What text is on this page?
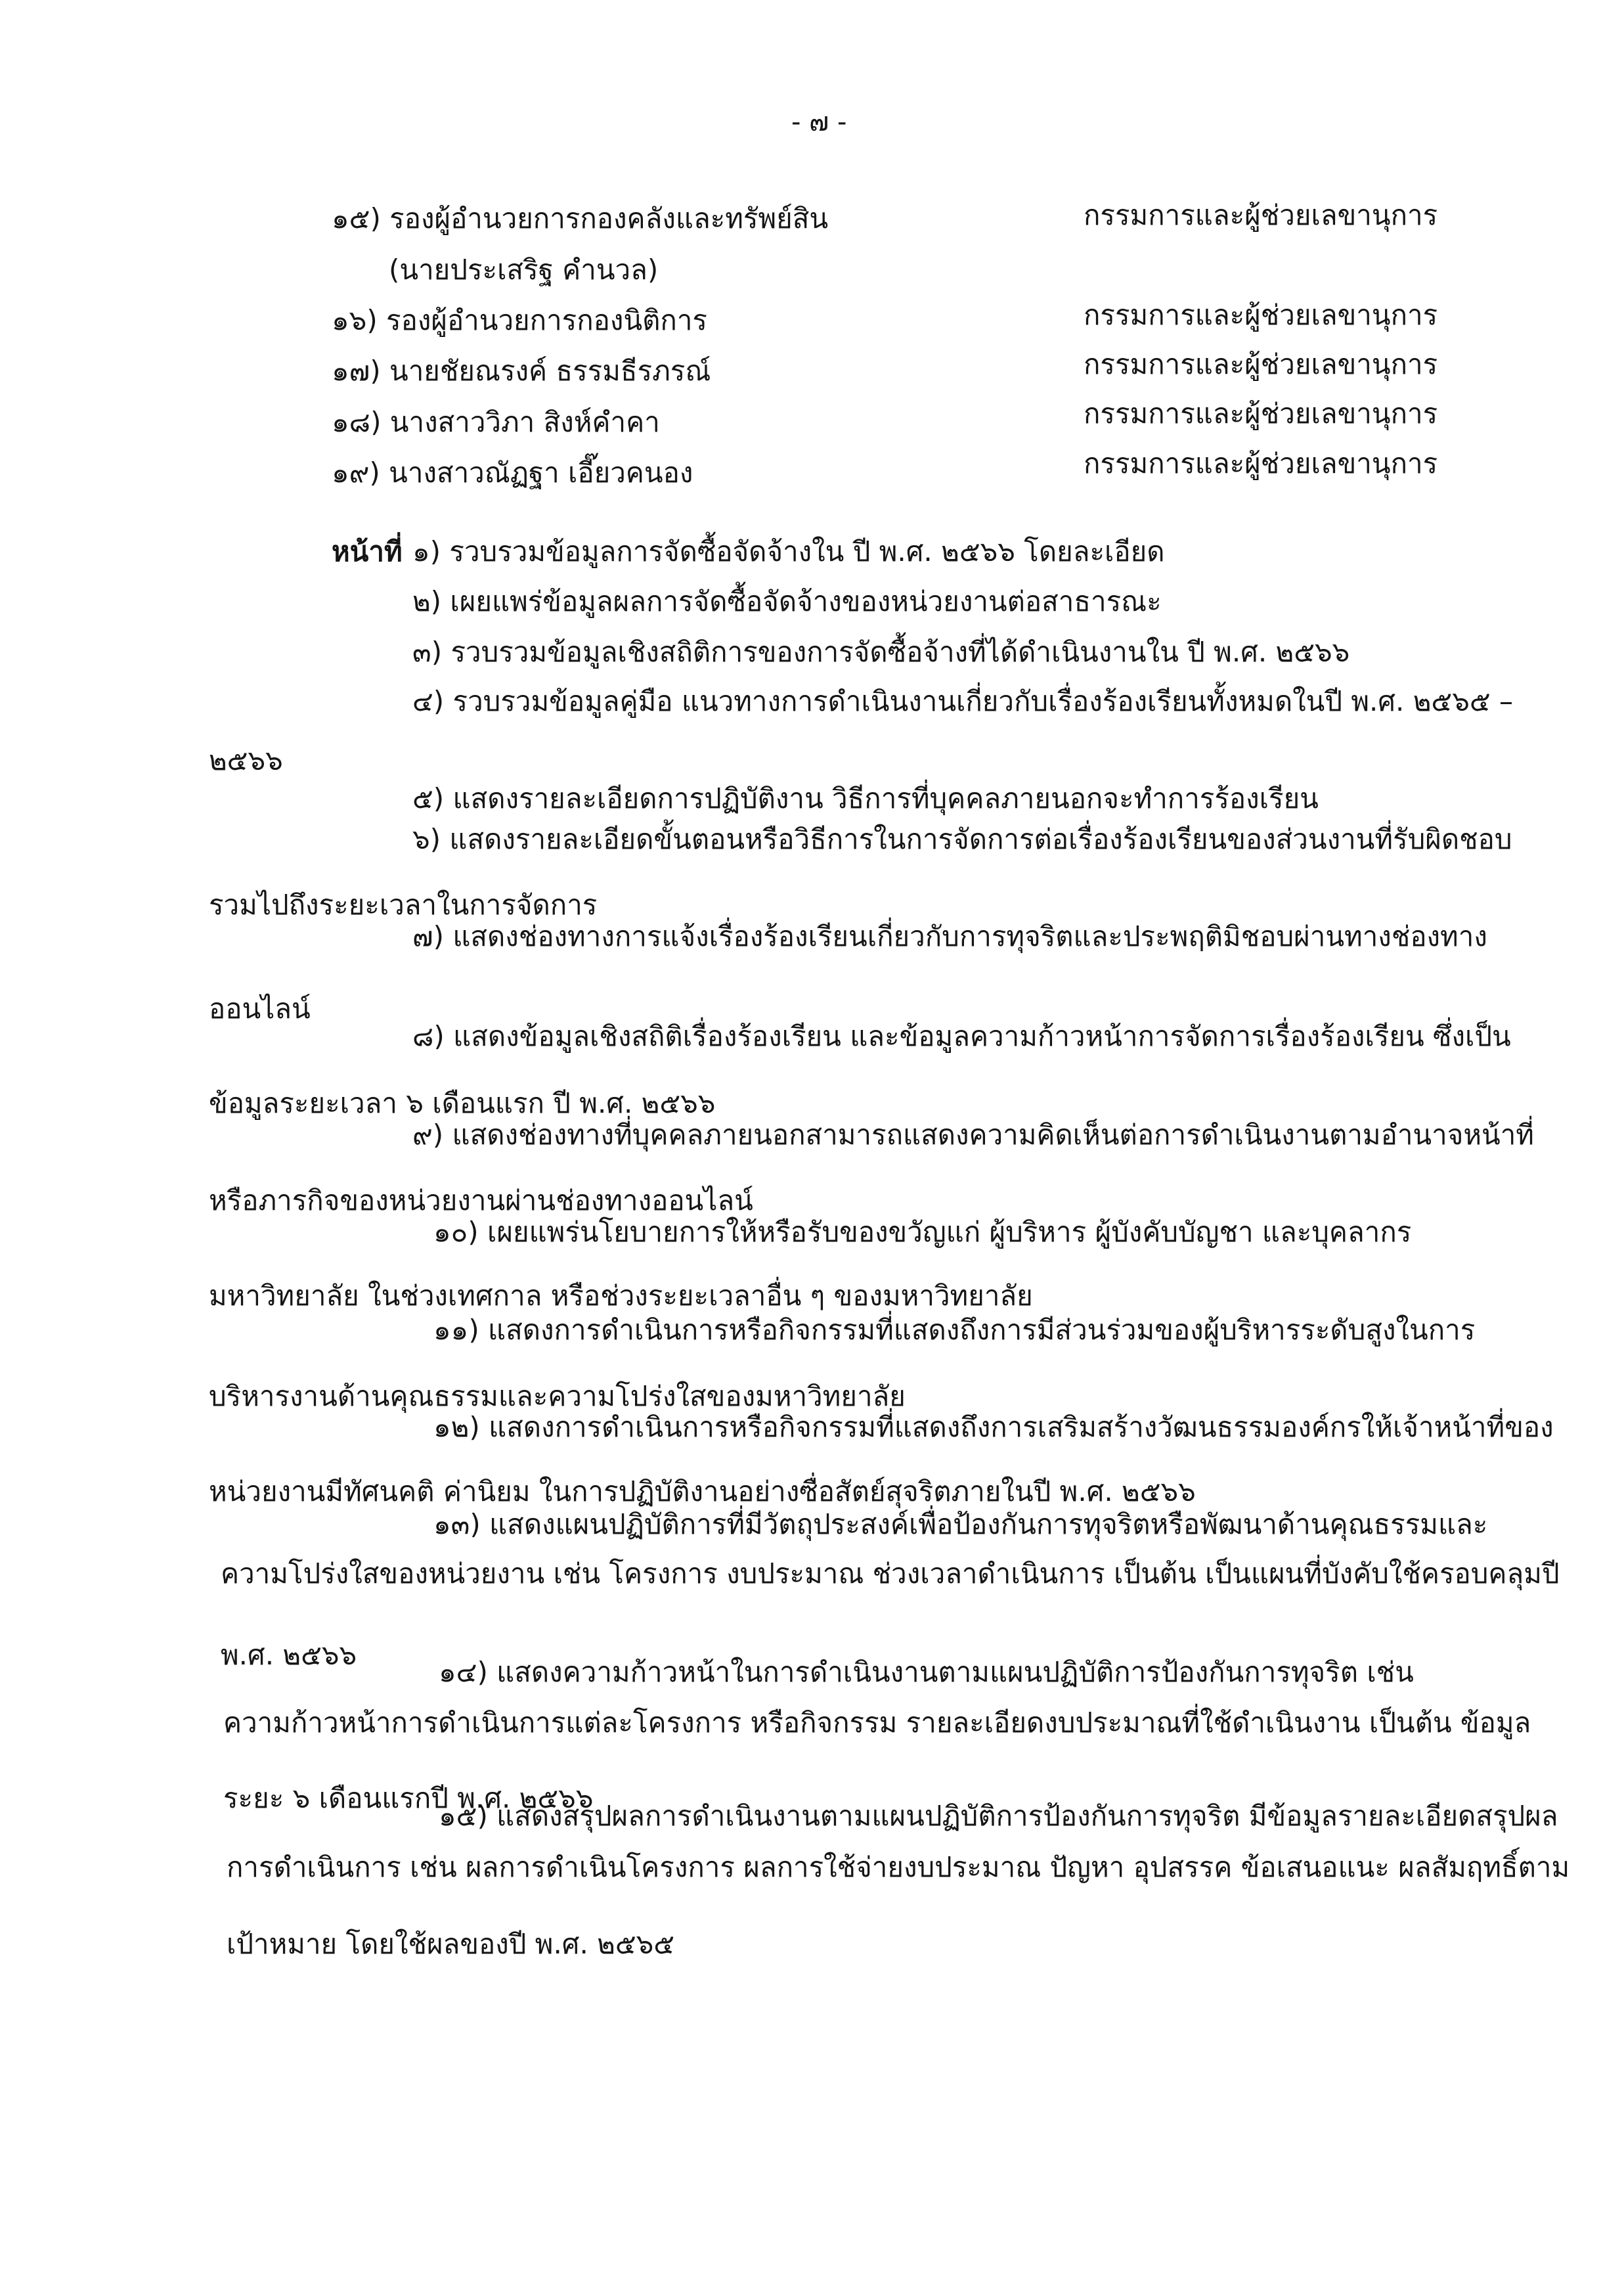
- ๗ -
๑๕) รองผู้อำนวยการกองคลังและทรัพย์สิน	กรรมการและผู้ช่วยเลขานุการ
(นายประเสริฐ คำนวล)
๑๖) รองผู้อำนวยการกองนิติการ	กรรมการและผู้ช่วยเลขานุการ
๑๗) นายชัยณรงค์ ธรรมธีรภรณ์	กรรมการและผู้ช่วยเลขานุการ
๑๘) นางสาววิภา สิงห์คำคา	กรรมการและผู้ช่วยเลขานุการ
๑๙) นางสาวณัฏฐา เอี๊ยวคนอง	กรรมการและผู้ช่วยเลขานุการ
หน้าที่ ๑) รวบรวมข้อมูลการจัดซื้อจัดจ้างใน ปี พ.ศ. ๒๕๖๖ โดยละเอียด
๒) เผยแพร่ข้อมูลผลการจัดซื้อจัดจ้างของหน่วยงานต่อสาธารณะ
๓) รวบรวมข้อมูลเชิงสถิติการของการจัดซื้อจ้างที่ได้ดำเนินงานใน ปี พ.ศ. ๒๕๖๖
๔) รวบรวมข้อมูลคู่มือ แนวทางการดำเนินงานเกี่ยวกับเรื่องร้องเรียนทั้งหมดในปี พ.ศ. ๒๕๖๕ –
๒๕๖๖
๕) แสดงรายละเอียดการปฏิบัติงาน วิธีการที่บุคคลภายนอกจะทำการร้องเรียน
๖) แสดงรายละเอียดขั้นตอนหรือวิธีการในการจัดการต่อเรื่องร้องเรียนของส่วนงานที่รับผิดชอบ
รวมไปถึงระยะเวลาในการจัดการ
๗) แสดงช่องทางการแจ้งเรื่องร้องเรียนเกี่ยวกับการทุจริตและประพฤติมิชอบผ่านทางช่องทาง
ออนไลน์
๘) แสดงข้อมูลเชิงสถิติเรื่องร้องเรียน และข้อมูลความก้าวหน้าการจัดการเรื่องร้องเรียน ซึ่งเป็น
ข้อมูลระยะเวลา ๖ เดือนแรก ปี พ.ศ. ๒๕๖๖
๙) แสดงช่องทางที่บุคคลภายนอกสามารถแสดงความคิดเห็นต่อการดำเนินงานตามอำนาจหน้าที่
หรือภารกิจของหน่วยงานผ่านช่องทางออนไลน์
๑๐) เผยแพร่นโยบายการให้หรือรับของขวัญแก่ ผู้บริหาร ผู้บังคับบัญชา และบุคลากร
มหาวิทยาลัย ในช่วงเทศกาล หรือช่วงระยะเวลาอื่น ๆ ของมหาวิทยาลัย
๑๑) แสดงการดำเนินการหรือกิจกรรมที่แสดงถึงการมีส่วนร่วมของผู้บริหารระดับสูงในการ
บริหารงานด้านคุณธรรมและความโปร่งใสของมหาวิทยาลัย
๑๒) แสดงการดำเนินการหรือกิจกรรมที่แสดงถึงการเสริมสร้างวัฒนธรรมองค์กรให้เจ้าหน้าที่ของ
หน่วยงานมีทัศนคติ ค่านิยม ในการปฏิบัติงานอย่างซื่อสัตย์สุจริตภายในปี พ.ศ. ๒๕๖๖
๑๓) แสดงแผนปฏิบัติการที่มีวัตถุประสงค์เพื่อป้องกันการทุจริตหรือพัฒนาด้านคุณธรรมและ
ความโปร่งใสของหน่วยงาน เช่น โครงการ งบประมาณ ช่วงเวลาดำเนินการ เป็นต้น เป็นแผนที่บังคับใช้ครอบคลุมปี
พ.ศ. ๒๕๖๖
๑๔) แสดงความก้าวหน้าในการดำเนินงานตามแผนปฏิบัติการป้องกันการทุจริต เช่น
ความก้าวหน้าการดำเนินการแต่ละโครงการ หรือกิจกรรม รายละเอียดงบประมาณที่ใช้ดำเนินงาน เป็นต้น ข้อมูล
ระยะ ๖ เดือนแรกปี พ.ศ. ๒๕๖๖
๑๕) แสดงสรุปผลการดำเนินงานตามแผนปฏิบัติการป้องกันการทุจริต มีข้อมูลรายละเอียดสรุปผล
การดำเนินการ เช่น ผลการดำเนินโครงการ ผลการใช้จ่ายงบประมาณ ปัญหา อุปสรรค ข้อเสนอแนะ ผลสัมฤทธิ์ตาม
เป้าหมาย โดยใช้ผลของปี พ.ศ. ๒๕๖๕
